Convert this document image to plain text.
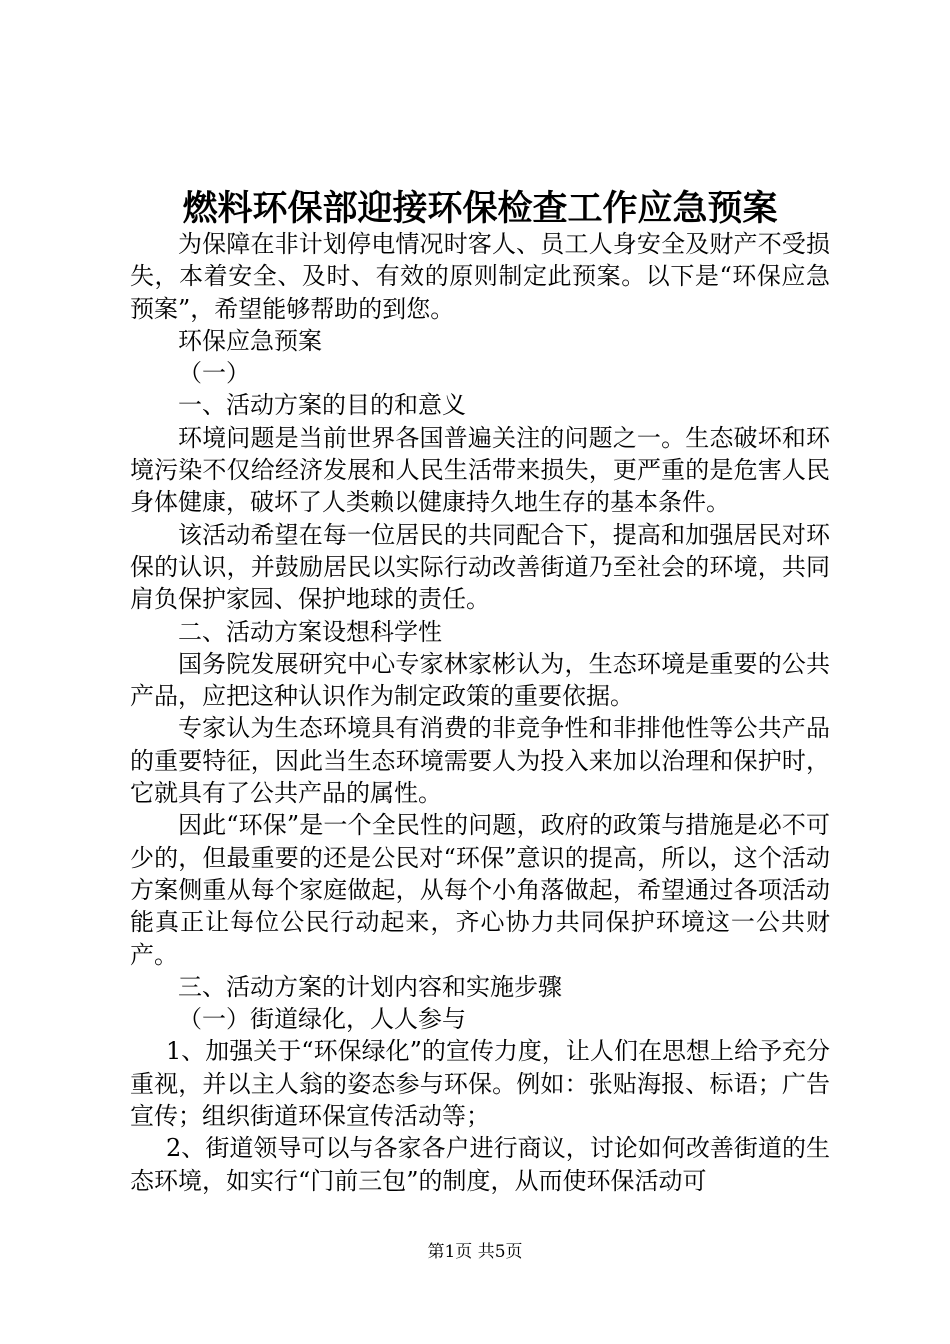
燃料环保部迎接环保检查工作应急预案

为保障在非计划停电情况时客人、员工人身安全及财产不受损失，本着安全、及时、有效的原则制定此预案。以下是“环保应急预案”，希望能够帮助的到您。

环保应急预案

（一）

一、活动方案的目的和意义

环境问题是当前世界各国普遍关注的问题之一。生态破坏和环境污染不仅给经济发展和人民生活带来损失，更严重的是危害人民身体健康，破坏了人类赖以健康持久地生存的基本条件。

该活动希望在每一位居民的共同配合下，提高和加强居民对环保的认识，并鼓励居民以实际行动改善街道乃至社会的环境，共同肩负保护家园、保护地球的责任。

二、活动方案设想科学性

国务院发展研究中心专家林家彬认为，生态环境是重要的公共产品，应把这种认识作为制定政策的重要依据。

专家认为生态环境具有消费的非竞争性和非排他性等公共产品的重要特征，因此当生态环境需要人为投入来加以治理和保护时，它就具有了公共产品的属性。

因此“环保”是一个全民性的问题，政府的政策与措施是必不可少的，但最重要的还是公民对“环保”意识的提高，所以，这个活动方案侧重从每个家庭做起，从每个小角落做起，希望通过各项活动能真正让每位公民行动起来，齐心协力共同保护环境这一公共财产。

三、活动方案的计划内容和实施步骤

（一）街道绿化，人人参与

1、加强关于“环保绿化”的宣传力度，让人们在思想上给予充分重视，并以主人翁的姿态参与环保。例如：张贴海报、标语；广告宣传；组织街道环保宣传活动等；

2、街道领导可以与各家各户进行商议，讨论如何改善街道的生态环境，如实行“门前三包”的制度，从而使环保活动可

第1页 共5页
